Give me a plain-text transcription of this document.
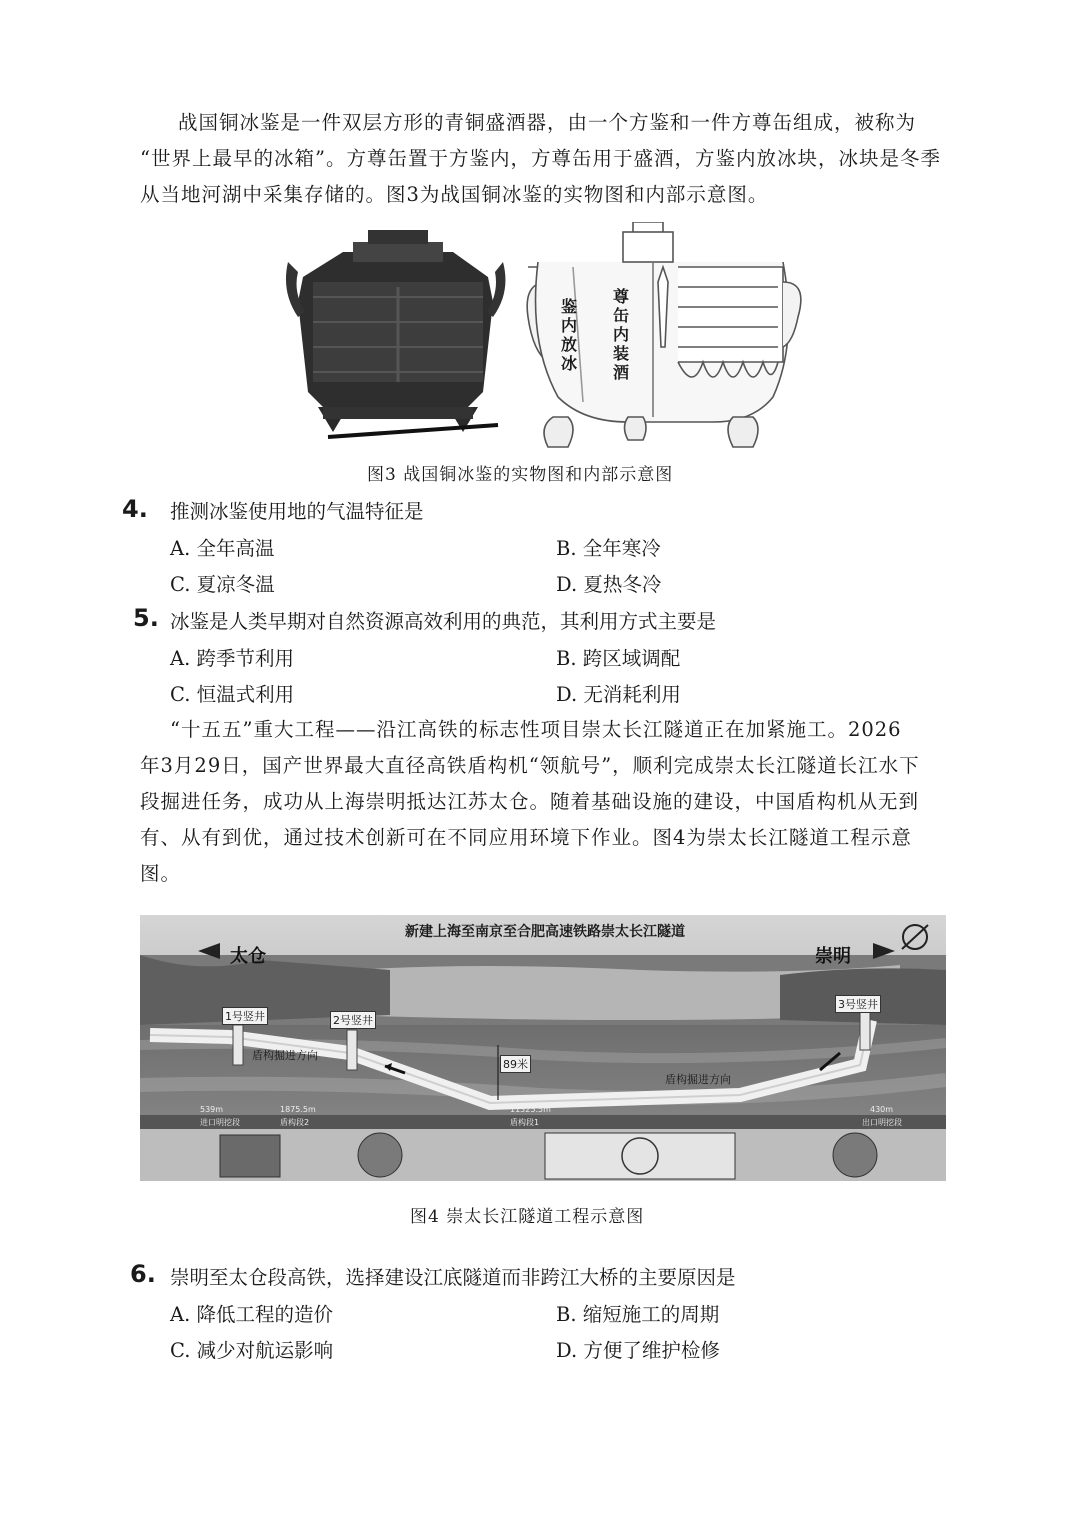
战国铜冰鉴是一件双层方形的青铜盛酒器，由一个方鉴和一件方尊缶组成，被称为
“世界上最早的冰箱”。方尊缶置于方鉴内，方尊缶用于盛酒，方鉴内放冰块，冰块是冬季
从当地河湖中采集存储的。图3为战国铜冰鉴的实物图和内部示意图。
鉴内放冰
尊缶内装酒
图3 战国铜冰鉴的实物图和内部示意图
4. 推测冰鉴使用地的气温特征是
A. 全年高温	B. 全年寒冷
C. 夏凉冬温	D. 夏热冬冷
5. 冰鉴是人类早期对自然资源高效利用的典范，其利用方式主要是
A. 跨季节利用	B. 跨区域调配
C. 恒温式利用	D. 无消耗利用
“十五五”重大工程——沿江高铁的标志性项目崇太长江隧道正在加紧施工。2026
年3月29日，国产世界最大直径高铁盾构机“领航号”，顺利完成崇太长江隧道长江水下
段掘进任务，成功从上海崇明抵达江苏太仓。随着基础设施的建设，中国盾构机从无到
有、从有到优，通过技术创新可在不同应用环境下作业。图4为崇太长江隧道工程示意
图。
新建上海至南京至合肥高速铁路崇太长江隧道
太仓	崇明
1号竖井	2号竖井
3号竖井
盾构掘进方向
盾构掘进方向
89米
539m	1875.5m	11325.5m	430m
进口明挖段	盾构段2	盾构段1	出口明挖段
图4 崇太长江隧道工程示意图
6. 崇明至太仓段高铁，选择建设江底隧道而非跨江大桥的主要原因是
A. 降低工程的造价	B. 缩短施工的周期
C. 减少对航运影响	D. 方便了维护检修
